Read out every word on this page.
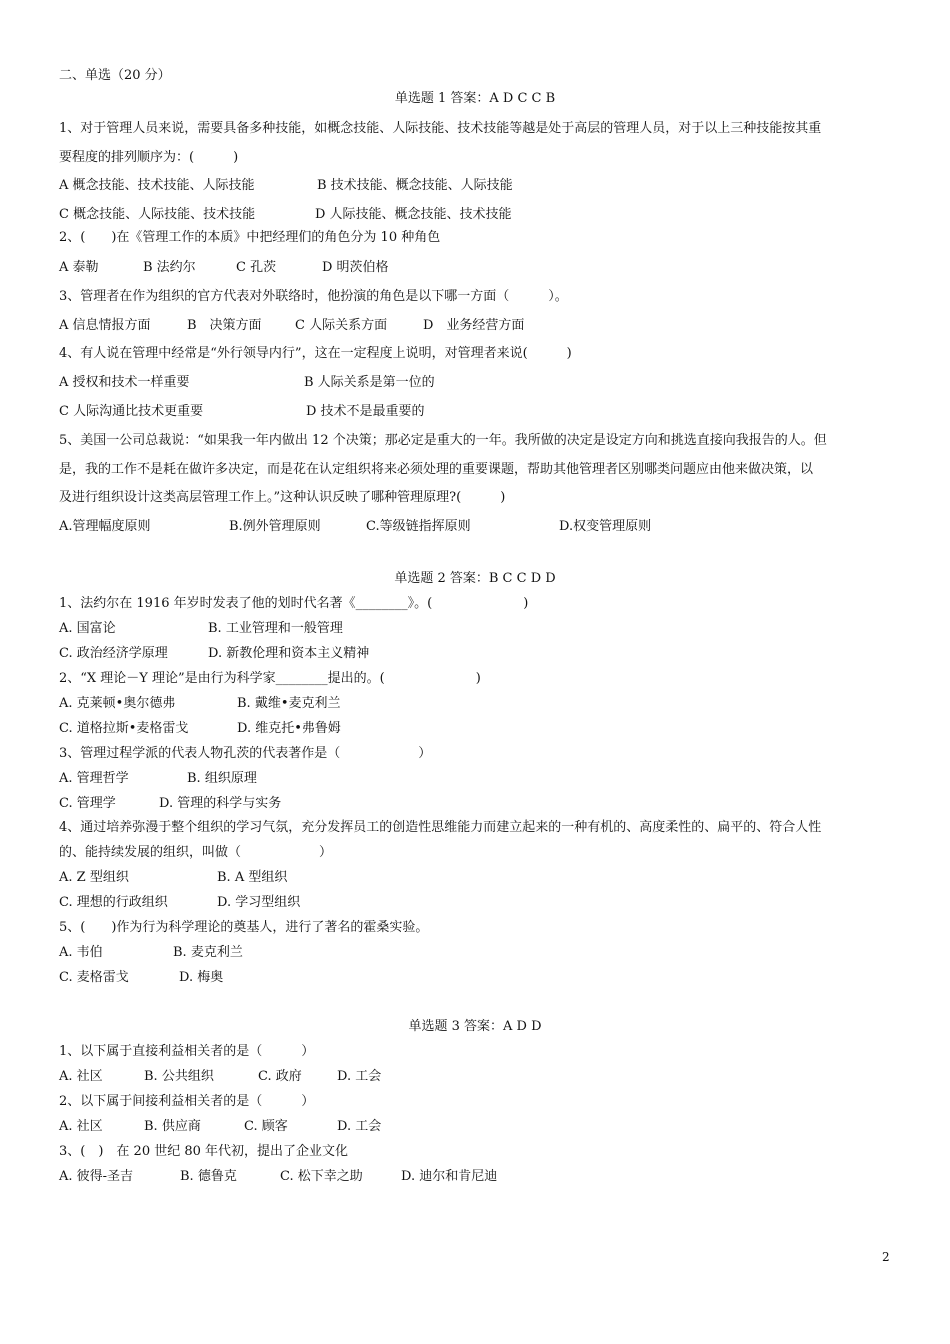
二、单选（20 分）

单选题 1 答案：A D C C B

1、对于管理人员来说，需要具备多种技能，如概念技能、人际技能、技术技能等越是处于高层的管理人员，对于以上三种技能按其重

要程度的排列顺序为：(　　　)

A 概念技能、技术技能、人际技能	B 技术技能、概念技能、人际技能
C 概念技能、人际技能、技术技能	D 人际技能、概念技能、技术技能

2、(　　)在《管理工作的本质》中把经理们的角色分为 10 种角色

A 泰勒	B 法约尔	C 孔茨	D 明茨伯格

3、管理者在作为组织的官方代表对外联络时，他扮演的角色是以下哪一方面（　　　）。

A 信息情报方面	B　决策方面	C 人际关系方面	D　业务经营方面

4、有人说在管理中经常是“外行领导内行”，这在一定程度上说明，对管理者来说(　　　)

A 授权和技术一样重要	B 人际关系是第一位的
C 人际沟通比技术更重要	D 技术不是最重要的

5、美国一公司总裁说：“如果我一年内做出 12 个决策；那必定是重大的一年。我所做的决定是设定方向和挑选直接向我报告的人。但

是，我的工作不是耗在做许多决定，而是花在认定组织将来必须处理的重要课题，帮助其他管理者区别哪类问题应由他来做决策，以

及进行组织设计这类高层管理工作上。”这种认识反映了哪种管理原理?(　　　)

A.管理幅度原则	B.例外管理原则	C.等级链指挥原则	D.权变管理原则

单选题 2 答案：B C C D D

1、法约尔在 1916 年岁时发表了他的划时代名著《________》。(　　　　　　　)

A. 国富论	B. 工业管理和一般管理
C. 政治经济学原理	D. 新教伦理和资本主义精神

2、“X 理论－Y 理论”是由行为科学家________提出的。(　　　　　　　)

A. 克莱顿•奥尔德弗	B. 戴维•麦克利兰
C. 道格拉斯•麦格雷戈	D. 维克托•弗鲁姆

3、管理过程学派的代表人物孔茨的代表著作是（　　　　　　）

A. 管理哲学	B. 组织原理
C. 管理学	D. 管理的科学与实务

4、通过培养弥漫于整个组织的学习气氛，充分发挥员工的创造性思维能力而建立起来的一种有机的、高度柔性的、扁平的、符合人性

的、能持续发展的组织，叫做（　　　　　　）

A. Z 型组织	B. A 型组织
C. 理想的行政组织	D. 学习型组织

5、(　　)作为行为科学理论的奠基人，进行了著名的霍桑实验。

A. 韦伯	B. 麦克利兰
C. 麦格雷戈	D. 梅奥

单选题 3 答案：A D D

1、以下属于直接利益相关者的是（　　　）

A. 社区	B. 公共组织	C. 政府	D. 工会

2、以下属于间接利益相关者的是（　　　）

A. 社区	B. 供应商	C. 顾客	D. 工会

3、(　)　在 20 世纪 80 年代初，提出了企业文化

A. 彼得-圣吉	B. 德鲁克	C. 松下幸之助	D. 迪尔和肯尼迪
2
